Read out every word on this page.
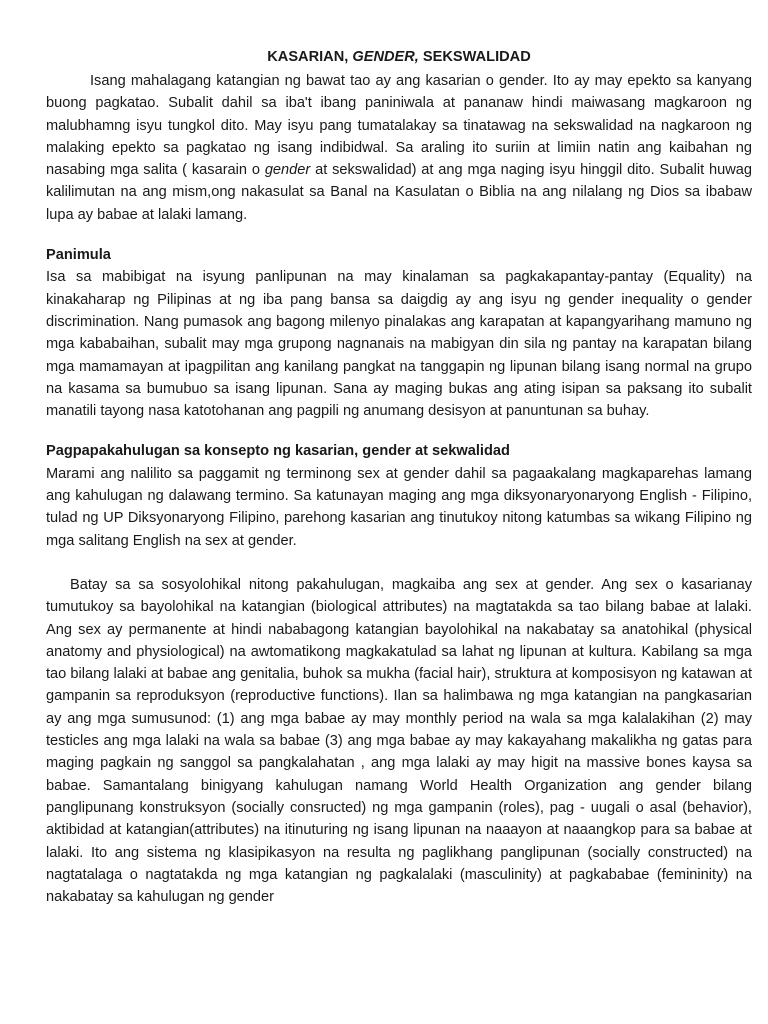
KASARIAN, GENDER, SEKSWALIDAD

Isang mahalagang katangian ng bawat tao ay ang kasarian o gender. Ito ay may epekto sa kanyang buong pagkatao. Subalit dahil sa iba't ibang paniniwala at pananaw hindi maiwasang magkaroon ng malubhamng isyu tungkol dito. May isyu pang tumatalakay sa tinatawag na sekswalidad na nagkaroon ng malaking epekto sa pagkatao ng isang indibidwal. Sa araling ito suriin at limiin natin ang kaibahan ng nasabing mga salita ( kasarain o gender at sekswalidad) at ang mga naging isyu hinggil dito. Subalit huwag kalilimutan na ang mism,ong nakasulat sa Banal na Kasulatan o Biblia na ang nilalang ng Dios sa ibabaw lupa ay babae at lalaki lamang.

Panimula

Isa sa mabibigat na isyung panlipunan na may kinalaman sa pagkakapantay-pantay (Equality) na kinakaharap ng Pilipinas at ng iba pang bansa sa daigdig ay ang isyu ng gender inequality o gender discrimination. Nang pumasok ang bagong milenyo pinalakas ang karapatan at kapangyarihang mamuno ng mga kababaihan, subalit may mga grupong nagnanais na mabigyan din sila ng pantay na karapatan bilang mga mamamayan at ipagpilitan ang kanilang pangkat na tanggapin ng lipunan bilang isang normal na grupo na kasama sa bumubuo sa isang lipunan. Sana ay maging bukas ang ating isipan sa paksang ito subalit manatili tayong nasa katotohanan ang pagpili ng anumang desisyon at panuntunan sa buhay.

Pagpapakahulugan sa konsepto ng kasarian, gender at sekwalidad

Marami ang nalilito sa paggamit ng terminong sex at gender dahil sa pagaakalang magkaparehas lamang ang kahulugan ng dalawang termino. Sa katunayan maging ang mga diksyonaryonaryong English - Filipino, tulad ng UP Diksyonaryong Filipino, parehong kasarian ang tinutukoy nitong katumbas sa wikang Filipino ng mga salitang English na sex at gender.

Batay sa sa sosyolohikal nitong pakahulugan, magkaiba ang sex at gender. Ang sex o kasarianay tumutukoy sa bayolohikal na katangian (biological attributes) na magtatakda sa tao bilang babae at lalaki. Ang sex ay permanente at hindi nababagong katangian bayolohikal na nakabatay sa anatohikal (physical anatomy and physiological) na awtomatikong magkakatulad sa lahat ng lipunan at kultura. Kabilang sa mga tao bilang lalaki at babae ang genitalia, buhok sa mukha (facial hair), struktura at komposisyon ng katawan at gampanin sa reproduksyon (reproductive functions). Ilan sa halimbawa ng mga katangian na pangkasarian ay ang mga sumusunod: (1) ang mga babae ay may monthly period na wala sa mga kalalakihan (2) may testicles ang mga lalaki na wala sa babae (3) ang mga babae ay may kakayahang makalikha ng gatas para maging pagkain ng sanggol sa pangkalahatan , ang mga lalaki ay may higit na massive bones kaysa sa babae. Samantalang binigyang kahulugan namang World Health Organization ang gender bilang panglipunang konstruksyon (socially consructed) ng mga gampanin (roles), pag - uugali o asal (behavior), aktibidad at katangian(attributes) na itinuturing ng isang lipunan na naaayon at naaangkop para sa babae at lalaki. Ito ang sistema ng klasipikasyon na resulta ng paglikhang panglipunan (socially constructed) na nagtatalaga o nagtatakda ng mga katangian ng pagkalalaki (masculinity) at pagkababae (femininity) na nakabatay sa kahulugan ng gender
